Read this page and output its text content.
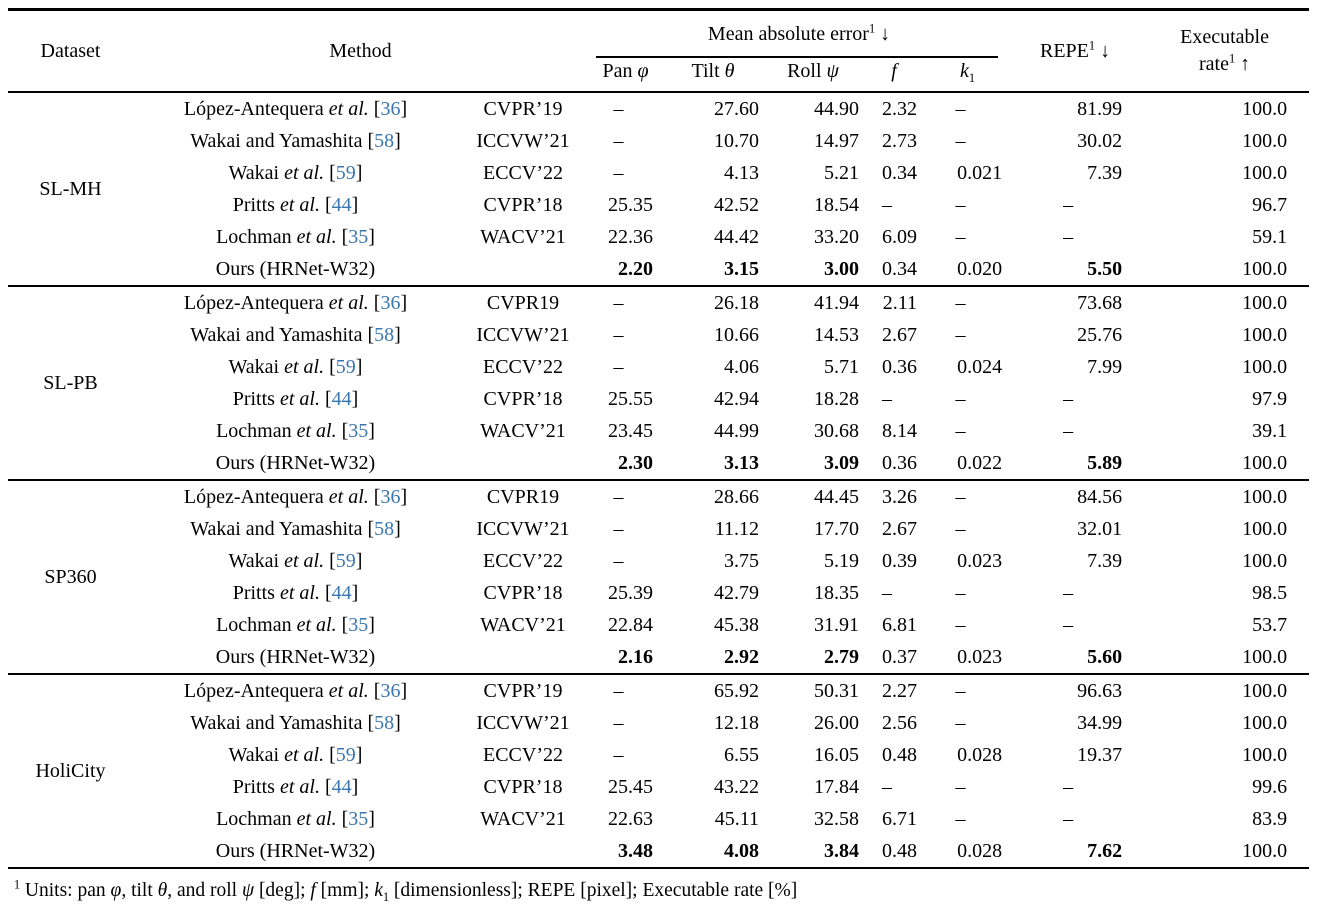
Dataset	Method		Mean absolute error$^1$ ↓					REPE$^1$ ↓	Executable
rate$^1$ ↑

			Pan φ	Tilt θ	Roll ψ	f	$k_1$
SL-MH	López-Antequera et al. [36]	CVPR’19	–	27.60	44.90	2.32	–	81.99	100.0
	Wakai and Yamashita [58]	ICCVW’21	–	10.70	14.97	2.73	–	30.02	100.0
	Wakai et al. [59]	ECCV’22	–	4.13	5.21	0.34	0.021	7.39	100.0
	Pritts et al. [44]	CVPR’18	25.35	42.52	18.54	–	–	–	96.7
	Lochman et al. [35]	WACV’21	22.36	44.42	33.20	6.09	–	–	59.1
	Ours (HRNet-W32)		2.20	3.15	3.00	0.34	0.020	5.50	100.0
SL-PB	López-Antequera et al. [36]	CVPR19	–	26.18	41.94	2.11	–	73.68	100.0
	Wakai and Yamashita [58]	ICCVW’21	–	10.66	14.53	2.67	–	25.76	100.0
	Wakai et al. [59]	ECCV’22	–	4.06	5.71	0.36	0.024	7.99	100.0
	Pritts et al. [44]	CVPR’18	25.55	42.94	18.28	–	–	–	97.9
	Lochman et al. [35]	WACV’21	23.45	44.99	30.68	8.14	–	–	39.1
	Ours (HRNet-W32)		2.30	3.13	3.09	0.36	0.022	5.89	100.0
SP360	López-Antequera et al. [36]	CVPR19	–	28.66	44.45	3.26	–	84.56	100.0
	Wakai and Yamashita [58]	ICCVW’21	–	11.12	17.70	2.67	–	32.01	100.0
	Wakai et al. [59]	ECCV’22	–	3.75	5.19	0.39	0.023	7.39	100.0
	Pritts et al. [44]	CVPR’18	25.39	42.79	18.35	–	–	–	98.5
	Lochman et al. [35]	WACV’21	22.84	45.38	31.91	6.81	–	–	53.7
	Ours (HRNet-W32)		2.16	2.92	2.79	0.37	0.023	5.60	100.0
HoliCity	López-Antequera et al. [36]	CVPR’19	–	65.92	50.31	2.27	–	96.63	100.0
	Wakai and Yamashita [58]	ICCVW’21	–	12.18	26.00	2.56	–	34.99	100.0
	Wakai et al. [59]	ECCV’22	–	6.55	16.05	0.48	0.028	19.37	100.0
	Pritts et al. [44]	CVPR’18	25.45	43.22	17.84	–	–	–	99.6
	Lochman et al. [35]	WACV’21	22.63	45.11	32.58	6.71	–	–	83.9
	Ours (HRNet-W32)		3.48	4.08	3.84	0.48	0.028	7.62	100.0
$^1$ Units: pan φ, tilt θ, and roll ψ [deg]; f [mm]; $k_1$ [dimensionless]; REPE [pixel]; Executable rate [%]
